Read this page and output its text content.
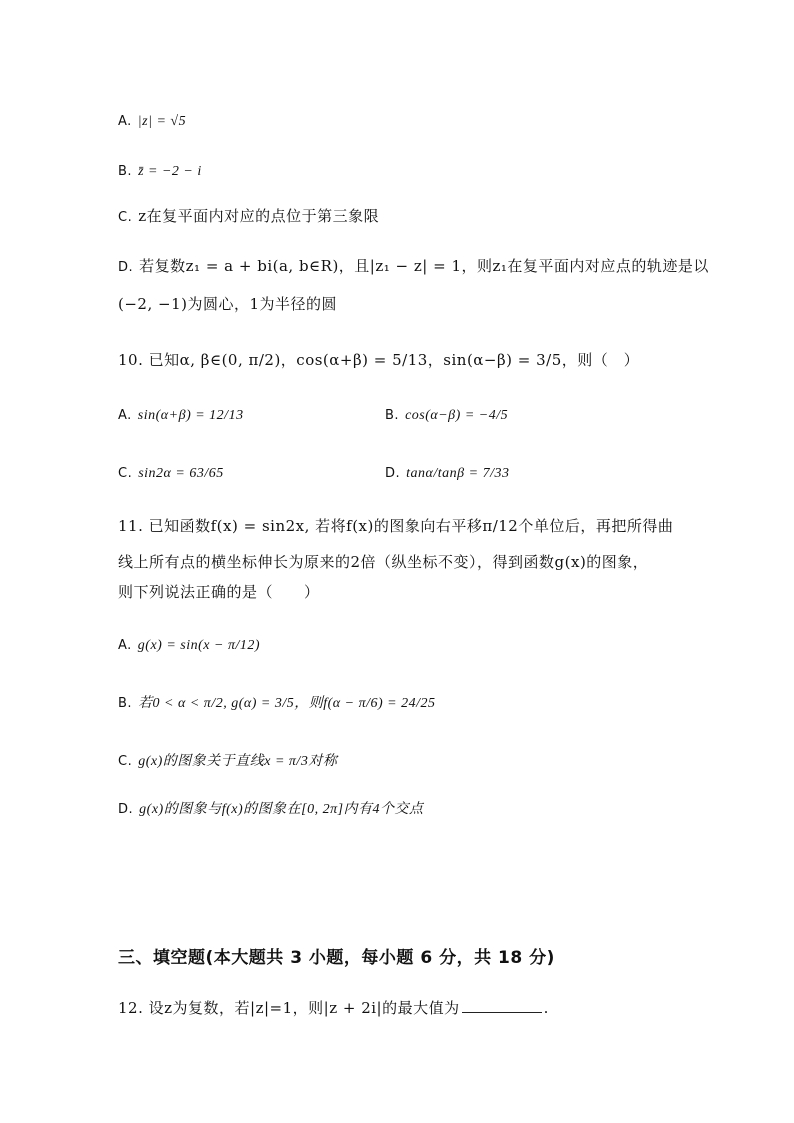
A. |z| = √5
B. z̄ = −2 − i
C. z在复平面内对应的点位于第三象限
D. 若复数z₁ = a + bi(a, b∈R)，且|z₁ − z| = 1，则z₁在复平面内对应点的轨迹是以
(−2, −1)为圆心，1为半径的圆
10. 已知α, β∈(0, π/2)，cos(α+β) = 5/13，sin(α−β) = 3/5，则（　）
A. sin(α+β) = 12/13	B. cos(α−β) = −4/5
C. sin2α = 63/65	D. tanα/tanβ = 7/33
11. 已知函数f(x) = sin2x, 若将f(x)的图象向右平移π/12个单位后，再把所得曲
线上所有点的横坐标伸长为原来的2倍（纵坐标不变），得到函数g(x)的图象，
则下列说法正确的是（　　）
A. g(x) = sin(x − π/12)
B. 若0 < α < π/2, g(α) = 3/5，则f(α − π/6) = 24/25
C. g(x)的图象关于直线x = π/3对称
D. g(x)的图象与f(x)的图象在[0, 2π]内有4个交点
三、填空题(本大题共 3 小题，每小题 6 分，共 18 分)
12. 设z为复数，若|z|=1，则|z + 2i|的最大值为	.
